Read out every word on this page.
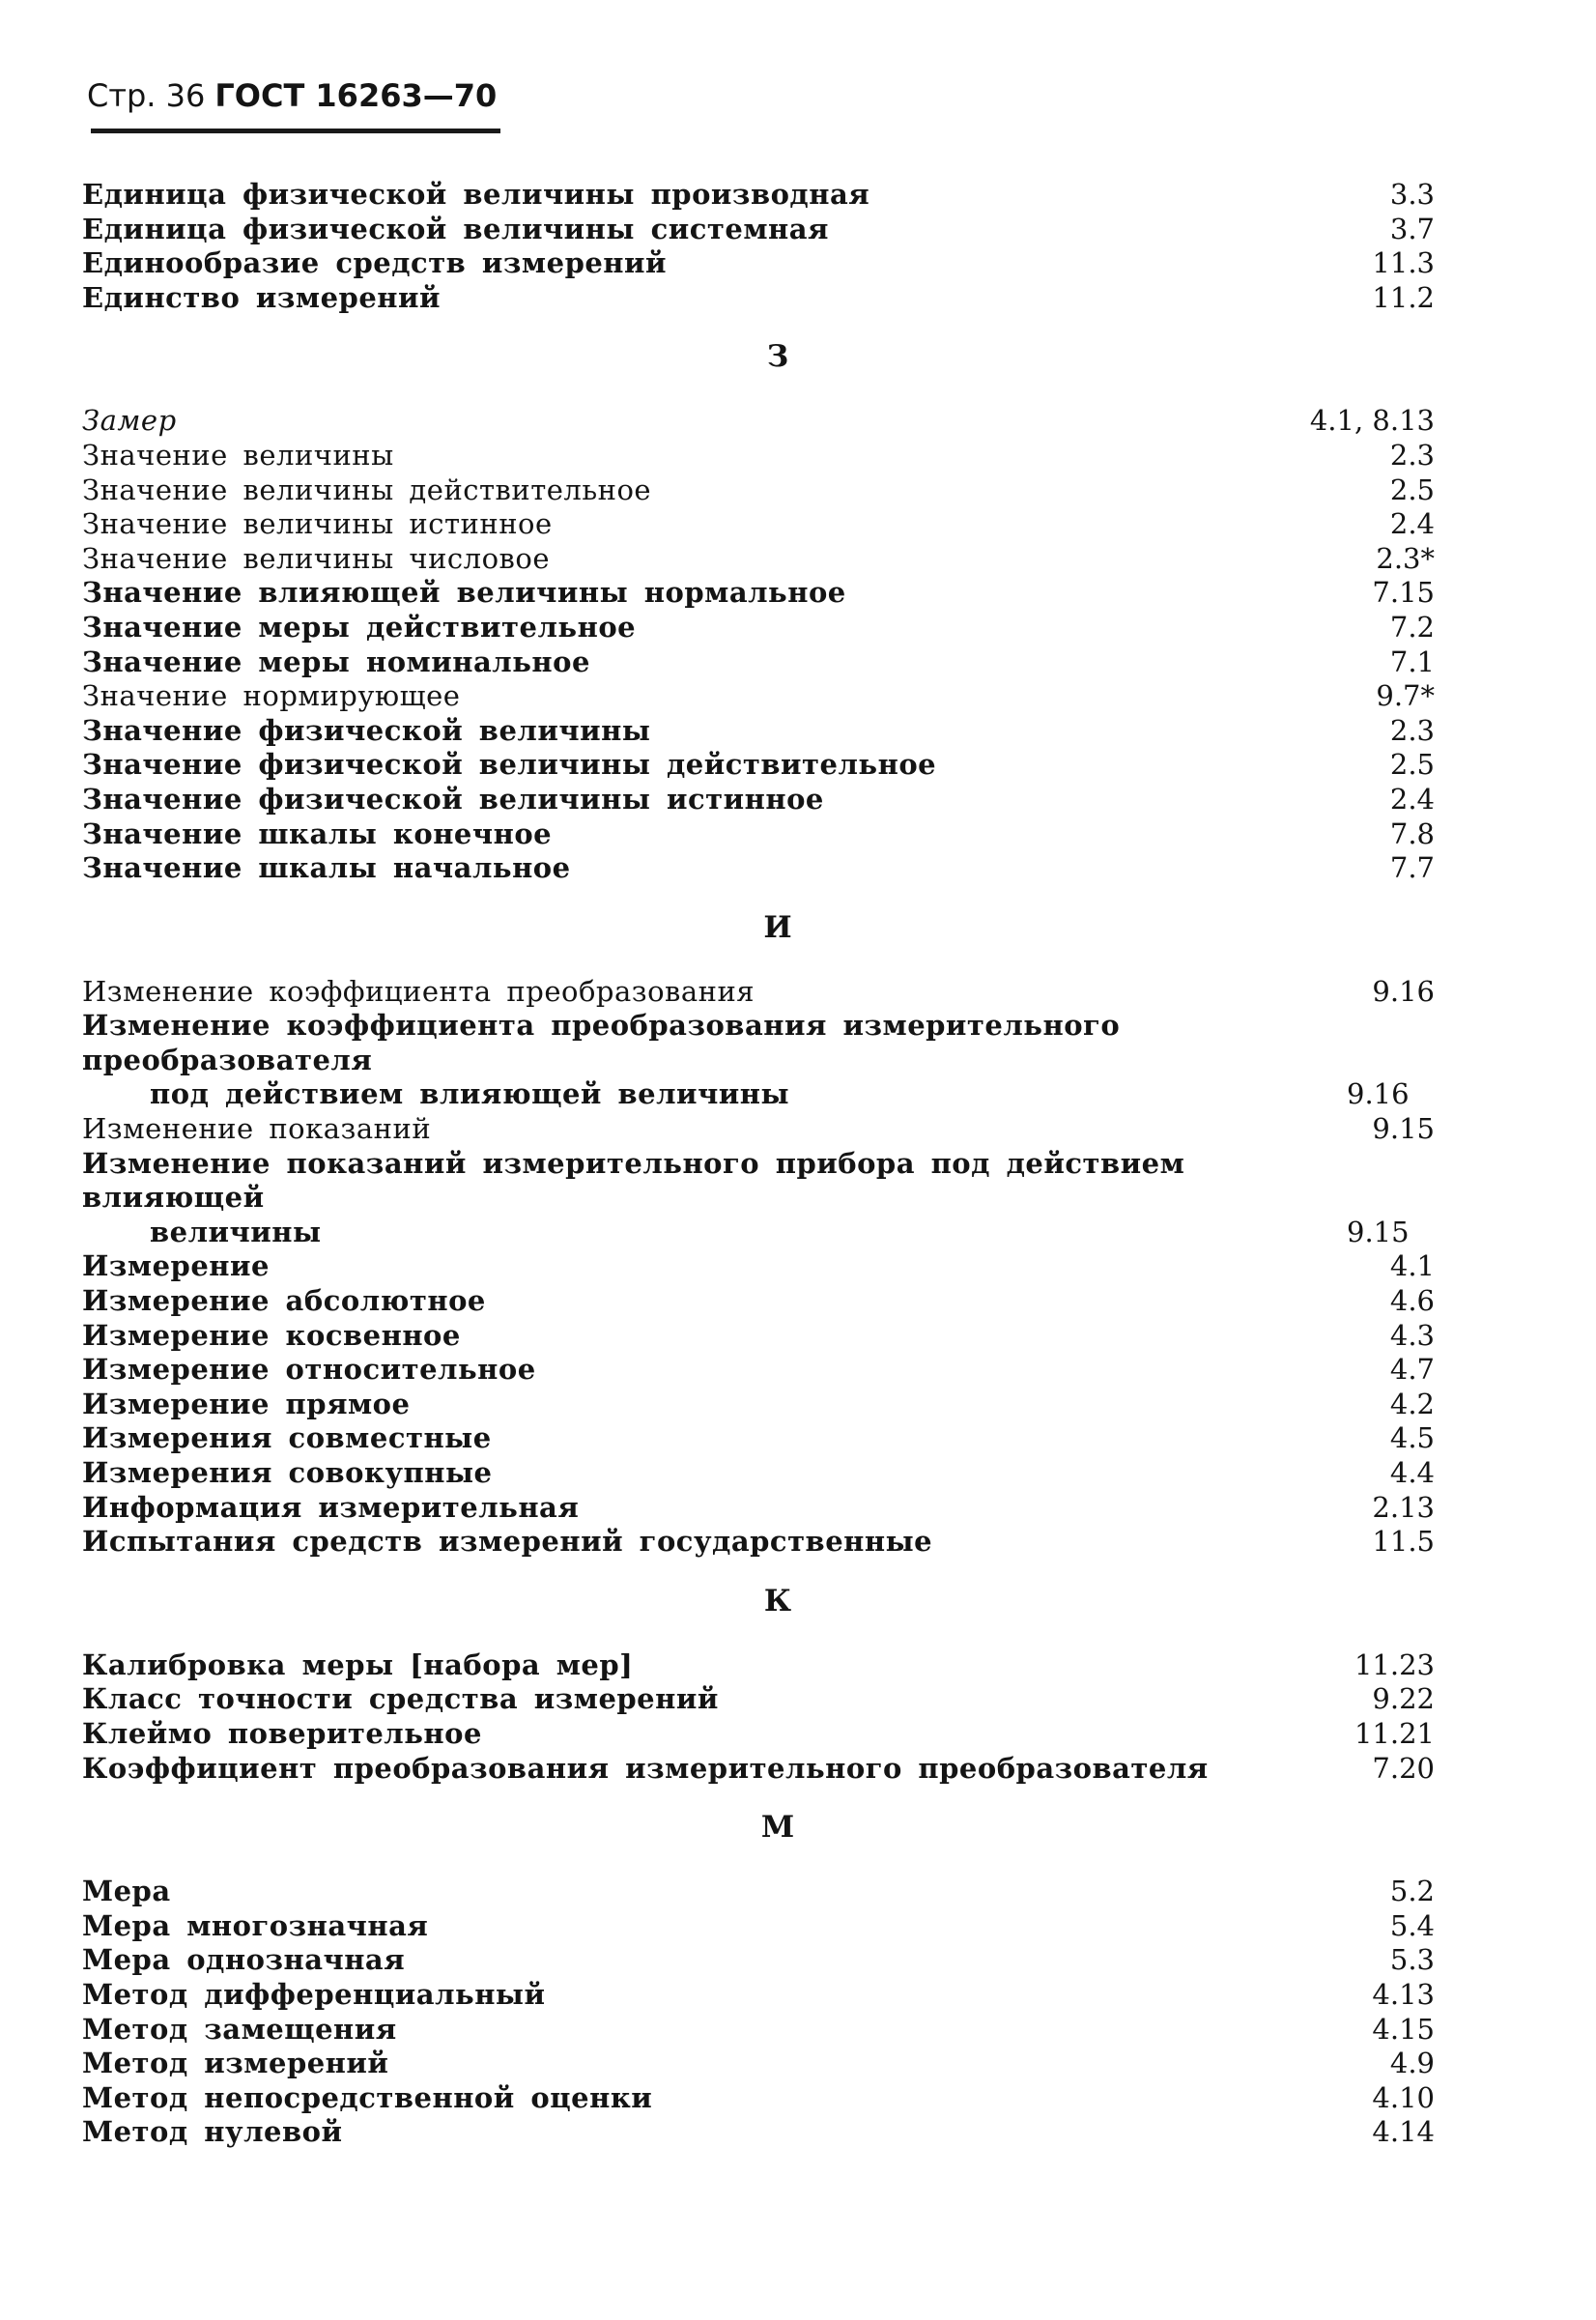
Стр. 36 ГОСТ 16263—70
Единица физической величины производная	3.3
Единица физической величины системная	3.7
Единообразие средств измерений	11.3
Единство измерений	11.2
З
Замер	4.1, 8.13
Значение величины	2.3
Значение величины действительное	2.5
Значение величины истинное	2.4
Значение величины числовое	2.3*
Значение влияющей величины нормальное	7.15
Значение меры действительное	7.2
Значение меры номинальное	7.1
Значение нормирующее	9.7*
Значение физической величины	2.3
Значение физической величины действительное	2.5
Значение физической величины истинное	2.4
Значение шкалы конечное	7.8
Значение шкалы начальное	7.7
И
Изменение коэффициента преобразования	9.16
Изменение коэффициента преобразования измерительного преобразователя
под действием влияющей величины	9.16
Изменение показаний	9.15
Изменение показаний измерительного прибора под действием влияющей
величины	9.15
Измерение	4.1
Измерение абсолютное	4.6
Измерение косвенное	4.3
Измерение относительное	4.7
Измерение прямое	4.2
Измерения совместные	4.5
Измерения совокупные	4.4
Информация измерительная	2.13
Испытания средств измерений государственные	11.5
К
Калибровка меры [набора мер]	11.23
Класс точности средства измерений	9.22
Клеймо поверительное	11.21
Коэффициент преобразования измерительного преобразователя	7.20
М
Мера	5.2
Мера многозначная	5.4
Мера однозначная	5.3
Метод дифференциальный	4.13
Метод замещения	4.15
Метод измерений	4.9
Метод непосредственной оценки	4.10
Метод нулевой	4.14
